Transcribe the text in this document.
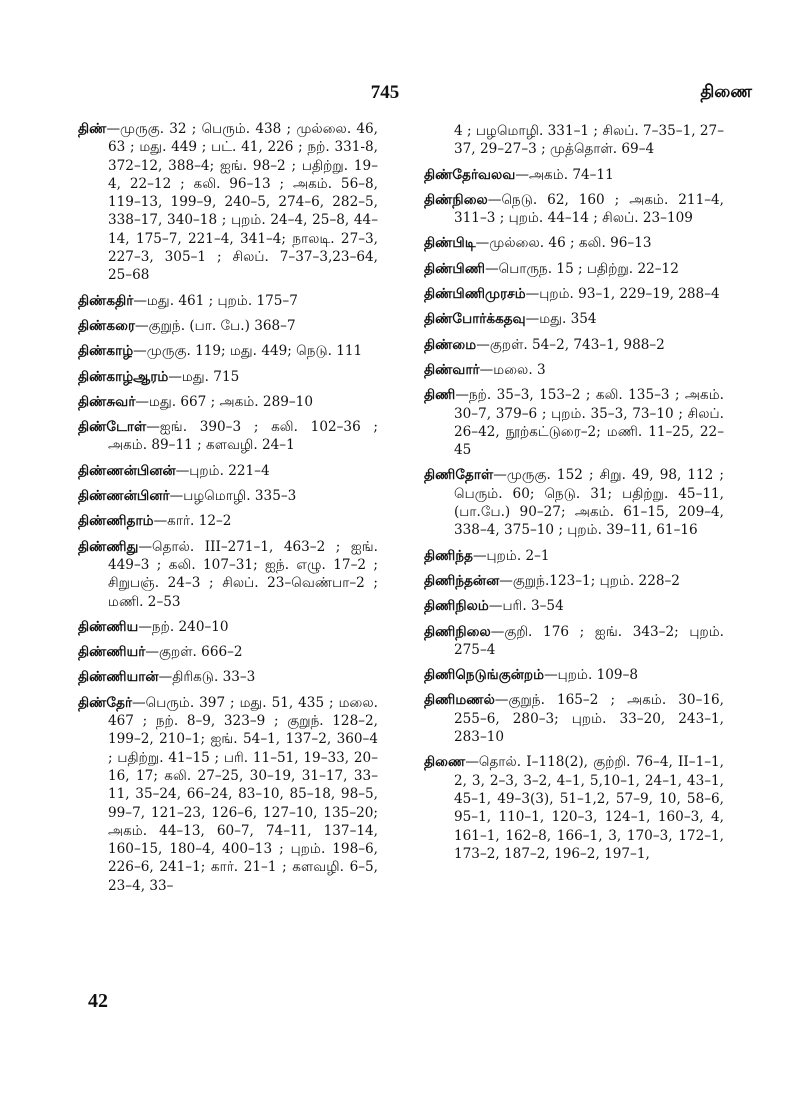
745	திணை
திண்—முருகு. 32 ; பெரும். 438 ; முல்லை. 46, 63 ; மது. 449 ; பட். 41, 226 ; நற். 331-8, 372–12, 388–4; ஐங். 98–2 ; பதிற்று. 19–4, 22–12 ; கலி. 96–13 ; அகம். 56–8, 119–13, 199–9, 240–5, 274–6, 282–5, 338–17, 340–18 ; புறம். 24–4, 25–8, 44–14, 175–7, 221–4, 341–4; நாலடி. 27–3, 227–3, 305–1 ; சிலப். 7–37–3,23–64, 25–68
திண்கதிர்—மது. 461 ; புறம். 175–7
திண்கரை—குறுந். (பா. பே.) 368–7
திண்காழ்—முருகு. 119; மது. 449; நெடு. 111
திண்காழ்ஆரம்—மது. 715
திண்சுவர்—மது. 667 ; அகம். 289–10
திண்டோள்—ஐங். 390–3 ; கலி. 102–36 ; அகம். 89–11 ; களவழி. 24–1
திண்ணன்பினன்—புறம். 221–4
திண்ணன்பினர்—பழமொழி. 335–3
திண்ணிதாம்—கார். 12–2
திண்ணிது—தொல். III–271–1, 463–2 ; ஐங். 449–3 ; கலி. 107–31; ஐந். எழு. 17–2 ; சிறுபஞ். 24–3 ; சிலப். 23–வெண்பா–2 ; மணி. 2–53
திண்ணிய—நற். 240–10
திண்ணியர்—குறள். 666–2
திண்ணியான்—திரிகடு. 33–3
திண்தேர்—பெரும். 397 ; மது. 51, 435 ; மலை. 467 ; நற். 8–9, 323–9 ; குறுந். 128–2, 199–2, 210–1; ஐங். 54–1, 137–2, 360–4 ; பதிற்று. 41–15 ; பரி. 11–51, 19–33, 20–16, 17; கலி. 27–25, 30–19, 31–17, 33–11, 35–24, 66–24, 83–10, 85–18, 98–5, 99–7, 121–23, 126–6, 127–10, 135–20; அகம். 44–13, 60–7, 74–11, 137–14, 160–15, 180–4, 400–13 ; புறம். 198–6, 226–6, 241–1; கார். 21–1 ; களவழி. 6–5, 23–4, 33–
4 ; பழமொழி. 331–1 ; சிலப். 7–35–1, 27–37, 29–27–3 ; முத்தொள். 69–4
திண்தேர்வலவ—அகம். 74–11
திண்நிலை—நெடு. 62, 160 ; அகம். 211–4, 311–3 ; புறம். 44–14 ; சிலப். 23–109
திண்பிடி—முல்லை. 46 ; கலி. 96–13
திண்பிணி—பொருந. 15 ; பதிற்று. 22–12
திண்பிணிமுரசம்—புறம். 93–1, 229–19, 288–4
திண்போர்க்கதவு—மது. 354
திண்மை—குறள். 54–2, 743–1, 988–2
திண்வார்—மலை. 3
திணி—நற். 35–3, 153–2 ; கலி. 135–3 ; அகம். 30–7, 379–6 ; புறம். 35–3, 73–10 ; சிலப். 26–42, நூற்கட்டுரை–2; மணி. 11–25, 22–45
திணிதோள்—முருகு. 152 ; சிறு. 49, 98, 112 ; பெரும். 60; நெடு. 31; பதிற்று. 45–11, (பா.பே.) 90–27; அகம். 61–15, 209–4, 338–4, 375–10 ; புறம். 39–11, 61–16
திணிந்த—புறம். 2–1
திணிந்தன்ன—குறுந்.123–1; புறம். 228–2
திணிநிலம்—பரி. 3–54
திணிநிலை—குறி. 176 ; ஐங். 343–2; புறம். 275–4
திணிநெடுங்குன்றம்—புறம். 109–8
திணிமணல்—குறுந். 165–2 ; அகம். 30–16, 255–6, 280–3; புறம். 33–20, 243–1, 283–10
திணை—தொல். I–118(2), குற்றி. 76–4, II–1–1, 2, 3, 2–3, 3–2, 4–1, 5,10–1, 24–1, 43–1, 45–1, 49–3(3), 51–1,2, 57–9, 10, 58–6, 95–1, 110–1, 120–3, 124–1, 160–3, 4, 161–1, 162–8, 166–1, 3, 170–3, 172–1, 173–2, 187–2, 196–2, 197–1,
42
